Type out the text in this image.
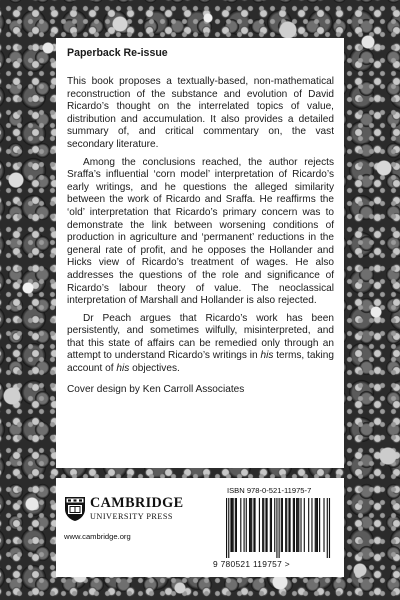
Paperback Re-issue

This book proposes a textually-based, non-mathematical reconstruction of the substance and evolution of David Ricardo’s thought on the interrelated topics of value, distribution and accumulation. It also provides a detailed summary of, and critical commentary on, the vast secondary literature.

Among the conclusions reached, the author rejects Sraffa’s influential ‘corn model’ interpretation of Ricardo’s early writings, and he questions the alleged similarity between the work of Ricardo and Sraffa. He reaffirms the ‘old’ interpretation that Ricardo’s primary concern was to demonstrate the link between worsening conditions of production in agriculture and ‘permanent’ reductions in the general rate of profit, and he opposes the Hollander and Hicks view of Ricardo’s treatment of wages. He also addresses the questions of the role and significance of Ricardo’s labour theory of value. The neoclassical interpretation of Marshall and Hollander is also rejected.

Dr Peach argues that Ricardo’s work has been persistently, and sometimes wilfully, misinterpreted, and that this state of affairs can be remedied only through an attempt to understand Ricardo’s writings in his terms, taking account of his objectives.

Cover design by Ken Carroll Associates

CAMBRIDGE
UNIVERSITY PRESS
www.cambridge.org
ISBN 978-0-521-11975-7
9 780521 119757 >
